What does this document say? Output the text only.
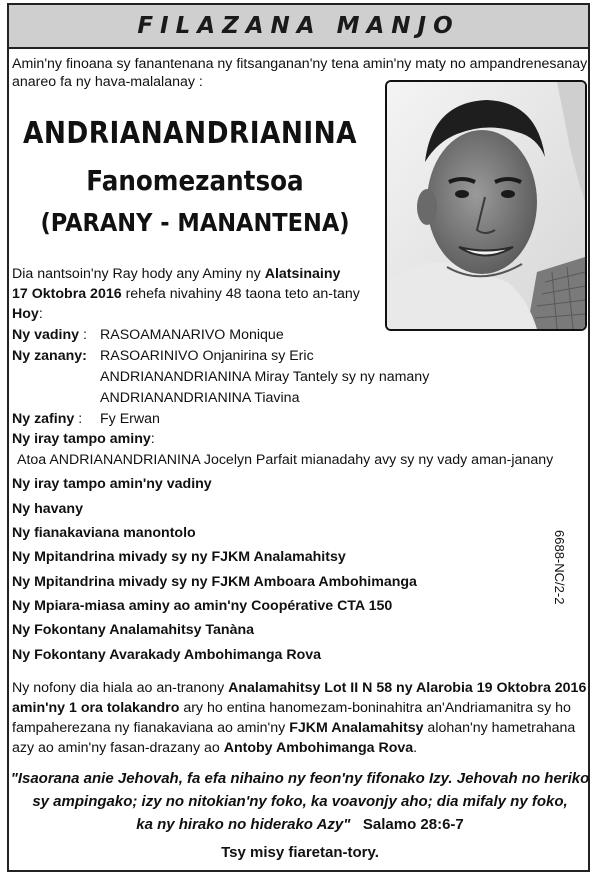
FILAZANA MANJO
Amin'ny finoana sy fanantenana ny fitsanganan'ny tena amin'ny maty no ampandrenesanay
anareo fa ny hava-malalanay :
ANDRIANANDRIANINA
Fanomezantsoa
(PARANY - MANANTENA)
Dia nantsoin'ny Ray hody any Aminy ny Alatsinainy
17 Oktobra 2016 rehefa nivahiny 48 taona teto an-tany
Hoy:
Ny vadiny : RASOAMANARIVO Monique
Ny zanany: RASOARINIVO Onjanirina sy Eric
ANDRIANANDRIANINA Miray Tantely sy ny namany
ANDRIANANDRIANINA Tiavina
Ny zafiny : Fy Erwan
Ny iray tampo aminy:
Atoa ANDRIANANDRIANINA Jocelyn Parfait mianadahy avy sy ny vady aman-janany
Ny iray tampo amin'ny vadiny
Ny havany
Ny fianakaviana manontolo
Ny Mpitandrina mivady sy ny FJKM Analamahitsy
Ny Mpitandrina mivady sy ny FJKM Amboara Ambohimanga
Ny Mpiara-miasa aminy ao amin'ny Coopérative CTA 150
Ny Fokontany Analamahitsy Tanàna
Ny Fokontany Avarakady Ambohimanga Rova
6688-NC/2-2
Ny nofony dia hiala ao an-tranony Analamahitsy Lot II N 58 ny Alarobia 19 Oktobra 2016
amin'ny 1 ora tolakandro ary ho entina hanomezam-boninahitra an'Andriamanitra sy ho
fampaherezana ny fianakaviana ao amin'ny FJKM Analamahitsy alohan'ny hametrahana
azy ao amin'ny fasan-drazany ao Antoby Ambohimanga Rova.
"Isaorana anie Jehovah, fa efa nihaino ny feon'ny fifonako Izy. Jehovah no heriko
sy ampingako; izy no nitokian'ny foko, ka voavonjy aho; dia mifaly ny foko,
ka ny hirako no hiderako Azy" Salamo 28:6-7
Tsy misy fiaretan-tory.
